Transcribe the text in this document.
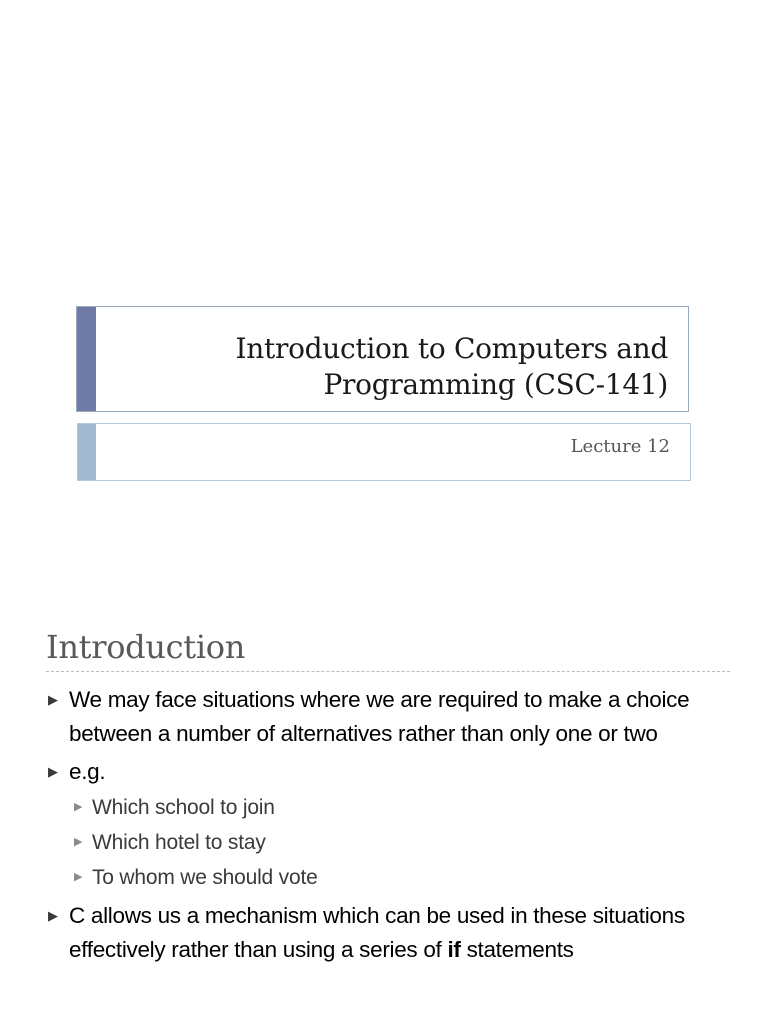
Introduction to Computers and
Programming (CSC-141)
Lecture 12
Introduction
▶ We may face situations where we are required to make a choice between a number of alternatives rather than only one or two
▶ e.g.
▶ Which school to join
▶ Which hotel to stay
▶ To whom we should vote
▶ C allows us a mechanism which can be used in these situations effectively rather than using a series of if statements
